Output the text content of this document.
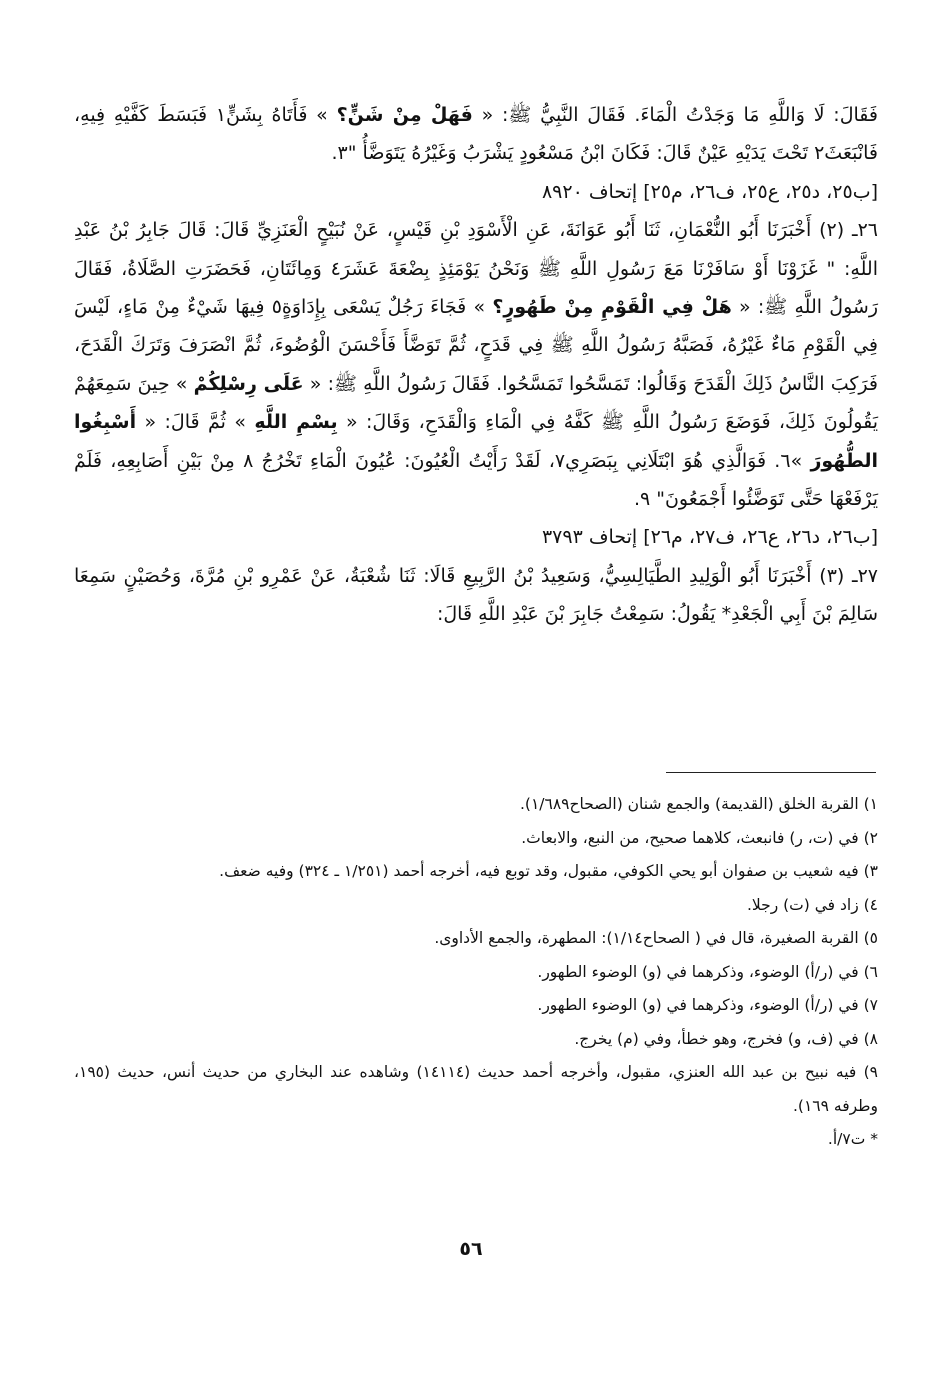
فَقَالَ: لَا وَاللَّهِ مَا وَجَدْتُ الْمَاءَ. فَقَالَ النَّبِيُّ ﷺ: « فَهَلْ مِنْ شَنٍّ؟ » فَأَتَاهُ بِشَنٍّ١ فَبَسَطَ كَفَّيْهِ فِيهِ، فَانْبَعَثَ٢ تَحْتَ يَدَيْهِ عَيْنٌ قَالَ: فَكَانَ ابْنُ مَسْعُودٍ يَشْرَبُ وَغَيْرُهُ يَتَوَضَّأُ "٣.

[ب٢٥، د٢٥، ع٢٥، ف٢٦، م٢٥] إتحاف ٨٩٢٠

٢٦ـ (٢) أَخْبَرَنَا أَبُو النُّعْمَانِ، ثَنَا أَبُو عَوَانَةَ، عَنِ الْأَسْوَدِ بْنِ قَيْسٍ، عَنْ نُبَيْحٍ الْعَنَزِيِّ قَالَ: قَالَ جَابِرُ بْنُ عَبْدِ اللَّهِ: " غَزَوْنَا أَوْ سَافَرْنَا مَعَ رَسُولِ اللَّهِ ﷺ وَنَحْنُ يَوْمَئِذٍ بِضْعَةَ عَشَرَ٤ وَمِائَتَانِ، فَحَضَرَتِ الصَّلَاةُ، فَقَالَ رَسُولُ اللَّهِ ﷺ: « هَلْ فِي الْقَوْمِ مِنْ طَهُورٍ؟ » فَجَاءَ رَجُلٌ يَسْعَى بِإِدَاوَةٍ٥ فِيهَا شَيْءٌ مِنْ مَاءٍ، لَيْسَ فِي الْقَوْمِ مَاءٌ غَيْرُهُ، فَصَبَّهُ رَسُولُ اللَّهِ ﷺ فِي قَدَحٍ، ثُمَّ تَوَضَّأَ فَأَحْسَنَ الْوُضُوءَ، ثُمَّ انْصَرَفَ وَتَرَكَ الْقَدَحَ، فَرَكِبَ النَّاسُ ذَلِكَ الْقَدَحَ وَقَالُوا: تَمَسَّحُوا تَمَسَّحُوا. فَقَالَ رَسُولُ اللَّهِ ﷺ: « عَلَى رِسْلِكُمْ » حِينَ سَمِعَهُمْ يَقُولُونَ ذَلِكَ، فَوَضَعَ رَسُولُ اللَّهِ ﷺ كَفَّهُ فِي الْمَاءِ وَالْقَدَحِ، وَقَالَ: « بِسْمِ اللَّهِ » ثُمَّ قَالَ: « أَسْبِغُوا الطُّهُورَ »٦. فَوَالَّذِي هُوَ ابْتَلَانِي بِبَصَرِي٧، لَقَدْ رَأَيْتُ الْعُيُونَ: عُيُونَ الْمَاءِ تَخْرُجُ ٨ مِنْ بَيْنِ أَصَابِعِهِ، فَلَمْ يَرْفَعْهَا حَتَّى تَوَضَّئُوا أَجْمَعُونَ" ٩.

[ب٢٦، د٢٦، ع٢٦، ف٢٧، م٢٦] إتحاف ٣٧٩٣

٢٧ـ (٣) أَخْبَرَنَا أَبُو الْوَلِيدِ الطَّيَالِسِيُّ، وَسَعِيدُ بْنُ الرَّبِيعِ قَالَا: ثَنَا شُعْبَةُ، عَنْ عَمْرِو بْنِ مُرَّةَ، وَحُصَيْنٍ سَمِعَا سَالِمَ بْنَ أَبِي الْجَعْدِ* يَقُولُ: سَمِعْتُ جَابِرَ بْنَ عَبْدِ اللَّهِ قَالَ:

١) القربة الخلق (القديمة) والجمع شنان (الصحاح١/٦٨٩).

٢) في (ت، ر) فانبعث، كلاهما صحيح، من النبع، والابعاث.

٣) فيه شعيب بن صفوان أبو يحي الكوفي، مقبول، وقد توبع فيه، أخرجه أحمد (١/٢٥١ ـ ٣٢٤) وفيه ضعف.

٤) زاد في (ت) رجلا.

٥) القربة الصغيرة، قال في ( الصحاح١/١٤): المطهرة، والجمع الأداوى.

٦) في (ر/أ) الوضوء، وذكرهما في (و) الوضوء الطهور.

٧) في (ر/أ) الوضوء، وذكرهما في (و) الوضوء الطهور.

٨) في (ف، و) فخرج، وهو خطأ، وفي (م) يخرج.

٩) فيه نبيح بن عبد الله العنزي، مقبول، وأخرجه أحمد حديث (١٤١١٤) وشاهده عند البخاري من حديث أنس، حديث (١٩٥، وطرفه ١٦٩).

* ت٧/أ.

٥٦
